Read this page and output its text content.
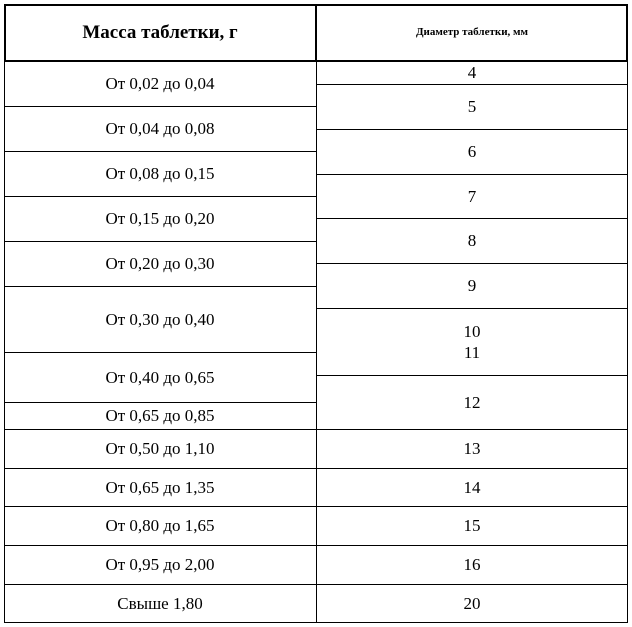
Масса таблетки, г	Диаметр таблетки, мм
От 0,02 до 0,04
От 0,04 до 0,08
От 0,08 до 0,15
От 0,15 до 0,20
От 0,20 до 0,30
От 0,30 до 0,40
От 0,40 до 0,65
От 0,65 до 0,85
От 0,50 до 1,10
От 0,65 до 1,35
От 0,80 до 1,65
От 0,95 до 2,00
Свыше 1,80
4
5
6
7
8
9
10
11
12
13
14
15
16
20
